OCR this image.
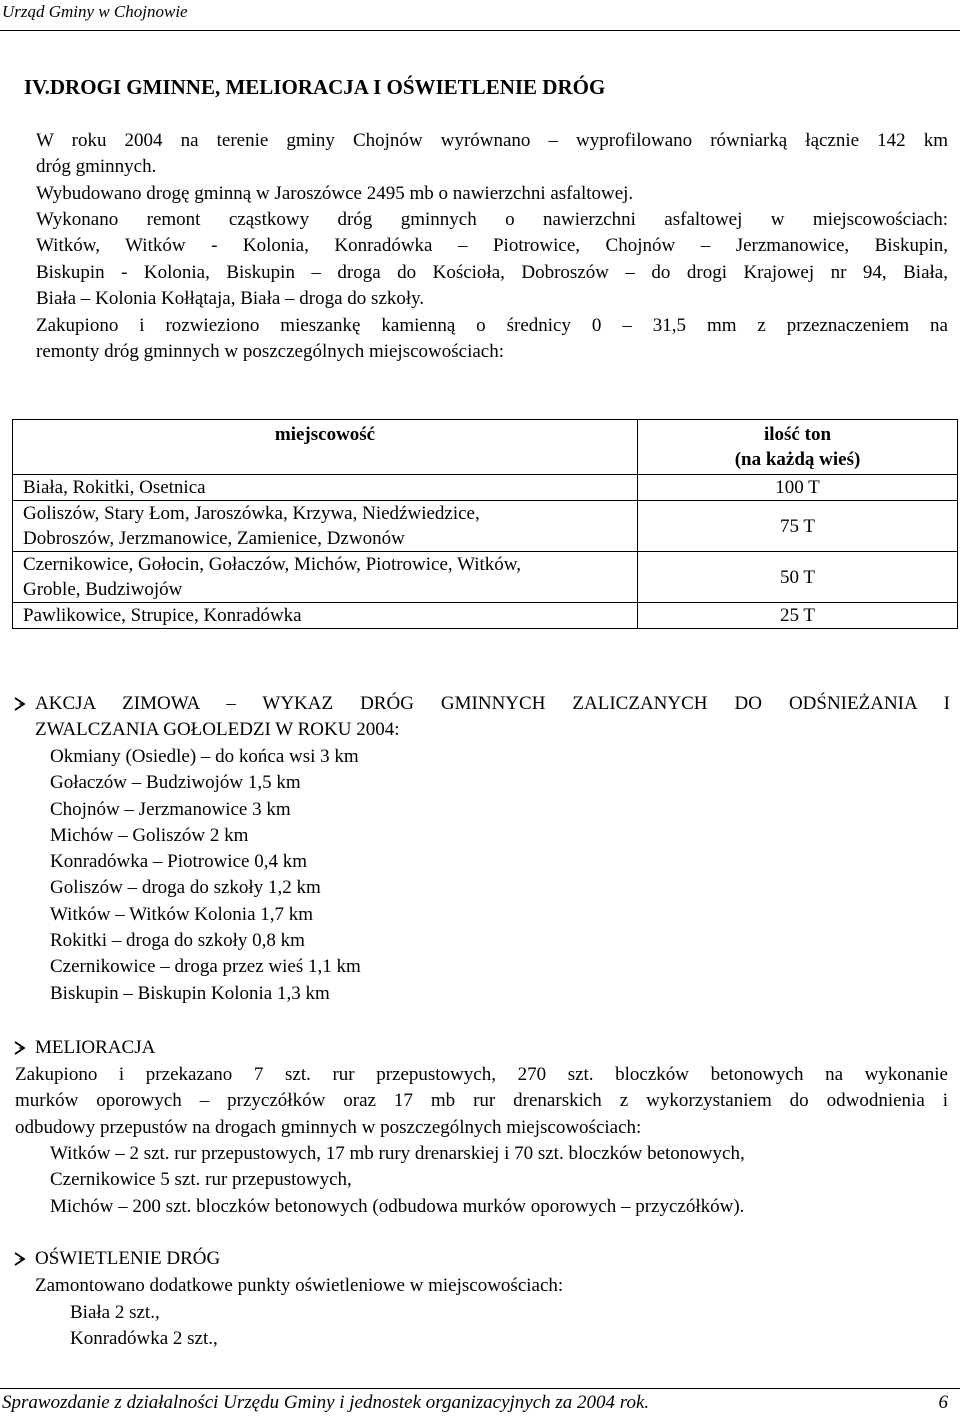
Urząd Gminy w Chojnowie
IV.DROGI GMINNE, MELIORACJA I OŚWIETLENIE DRÓG
W roku 2004 na terenie gminy Chojnów wyrównano – wyprofilowano równiarką łącznie 142 km
dróg gminnych.
Wybudowano drogę gminną w Jaroszówce 2495 mb o nawierzchni asfaltowej.
Wykonano remont cząstkowy dróg gminnych o nawierzchni asfaltowej w miejscowościach:
Witków, Witków - Kolonia, Konradówka – Piotrowice, Chojnów – Jerzmanowice, Biskupin,
Biskupin - Kolonia, Biskupin – droga do Kościoła, Dobroszów – do drogi Krajowej nr 94, Biała,
Biała – Kolonia Kołłątaja, Biała – droga do szkoły.
Zakupiono i rozwieziono mieszankę kamienną o średnicy 0 – 31,5 mm z przeznaczeniem na
remonty dróg gminnych w poszczególnych miejscowościach:
miejscowość	ilość ton
(na każdą wieś)

Biała, Rokitki, Osetnica	100 T

Goliszów, Stary Łom, Jaroszówka, Krzywa, Niedźwiedzice,
Dobroszów, Jerzmanowice, Zamienice, Dzwonów	75 T

Czernikowice, Gołocin, Gołaczów, Michów, Piotrowice, Witków,
Groble, Budziwojów	50 T

Pawlikowice, Strupice, Konradówka	25 T
AKCJA ZIMOWA – WYKAZ DRÓG GMINNYCH ZALICZANYCH DO ODŚNIEŻANIA I
ZWALCZANIA GOŁOLEDZI W ROKU 2004:
Okmiany (Osiedle) – do końca wsi 3 km
Gołaczów – Budziwojów 1,5 km
Chojnów – Jerzmanowice 3 km
Michów – Goliszów 2 km
Konradówka – Piotrowice 0,4 km
Goliszów – droga do szkoły 1,2 km
Witków – Witków Kolonia 1,7 km
Rokitki – droga do szkoły 0,8 km
Czernikowice – droga przez wieś 1,1 km
Biskupin – Biskupin Kolonia 1,3 km
MELIORACJA
Zakupiono i przekazano 7 szt. rur przepustowych, 270 szt. bloczków betonowych na wykonanie
murków oporowych – przyczółków oraz 17 mb rur drenarskich z wykorzystaniem do odwodnienia i
odbudowy przepustów na drogach gminnych w poszczególnych miejscowościach:
Witków – 2 szt. rur przepustowych, 17 mb rury drenarskiej i 70 szt. bloczków betonowych,
Czernikowice 5 szt. rur przepustowych,
Michów – 200 szt. bloczków betonowych (odbudowa murków oporowych – przyczółków).
OŚWIETLENIE DRÓG
Zamontowano dodatkowe punkty oświetleniowe w miejscowościach:
Biała 2 szt.,
Konradówka 2 szt.,
Sprawozdanie z działalności Urzędu Gminy i jednostek organizacyjnych za 2004 rok.	6
